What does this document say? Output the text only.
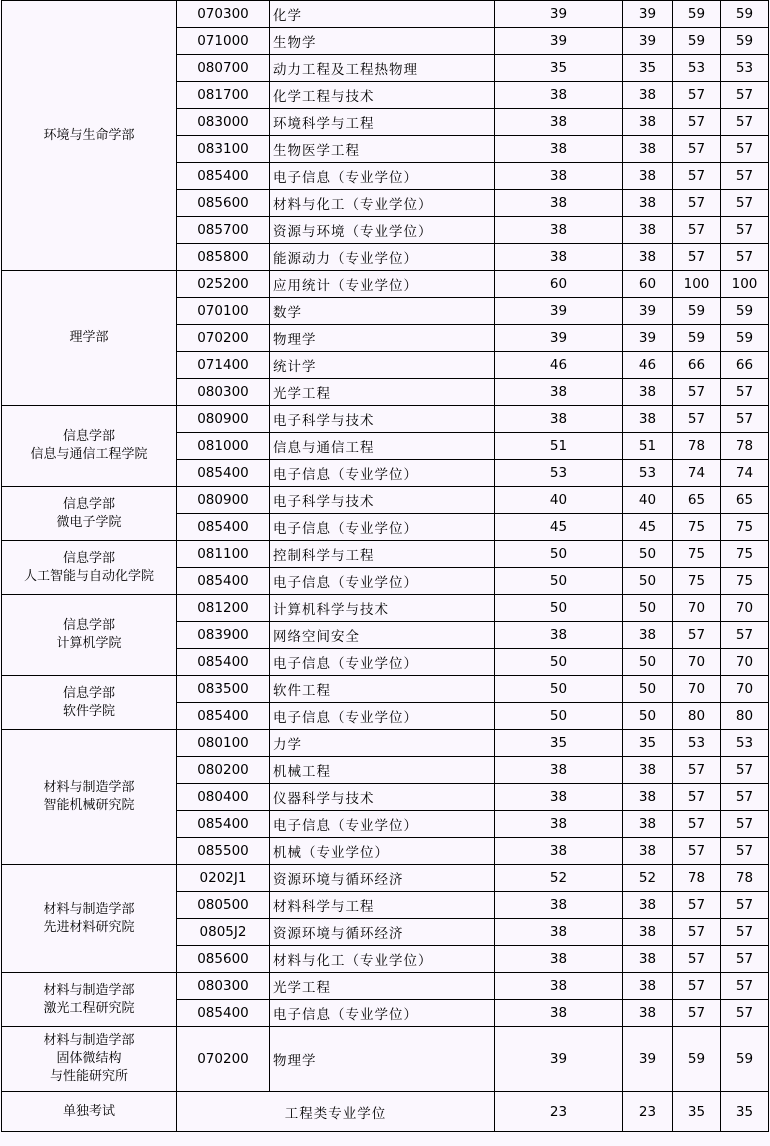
环境与生命学部	070300	化学	39	39	59	59	
	071000	生物学	39	39	59	59	
	080700	动力工程及工程热物理	35	35	53	53	
	081700	化学工程与技术	38	38	57	57	
	083000	环境科学与工程	38	38	57	57	
	083100	生物医学工程	38	38	57	57	
	085400	电子信息（专业学位）	38	38	57	57	
	085600	材料与化工（专业学位）	38	38	57	57	
	085700	资源与环境（专业学位）	38	38	57	57	
	085800	能源动力（专业学位）	38	38	57	57	

理学部	025200	应用统计（专业学位）	60	60	100	100	
	070100	数学	39	39	59	59	
	070200	物理学	39	39	59	59	
	071400	统计学	46	46	66	66	
	080300	光学工程	38	38	57	57	

信息学部
信息与通信工程学院	080900	电子科学与技术	38	38	57	57	
	081000	信息与通信工程	51	51	78	78	
	085400	电子信息（专业学位）	53	53	74	74	

信息学部
微电子学院	080900	电子科学与技术	40	40	65	65	
	085400	电子信息（专业学位）	45	45	75	75	

信息学部
人工智能与自动化学院	081100	控制科学与工程	50	50	75	75	
	085400	电子信息（专业学位）	50	50	75	75	

信息学部
计算机学院	081200	计算机科学与技术	50	50	70	70	
	083900	网络空间安全	38	38	57	57	
	085400	电子信息（专业学位）	50	50	70	70	

信息学部
软件学院	083500	软件工程	50	50	70	70	
	085400	电子信息（专业学位）	50	50	80	80	

材料与制造学部
智能机械研究院	080100	力学	35	35	53	53	
	080200	机械工程	38	38	57	57	
	080400	仪器科学与技术	38	38	57	57	
	085400	电子信息（专业学位）	38	38	57	57	
	085500	机械（专业学位）	38	38	57	57	

材料与制造学部
先进材料研究院	0202J1	资源环境与循环经济	52	52	78	78	
	080500	材料科学与工程	38	38	57	57	
	0805J2	资源环境与循环经济	38	38	57	57	
	085600	材料与化工（专业学位）	38	38	57	57	

材料与制造学部
激光工程研究院	080300	光学工程	38	38	57	57	
	085400	电子信息（专业学位）	38	38	57	57	

材料与制造学部
固体微结构
与性能研究所	070200	物理学	39	39	59	59	
单独考试	工程类专业学位		23	23	35	35	
